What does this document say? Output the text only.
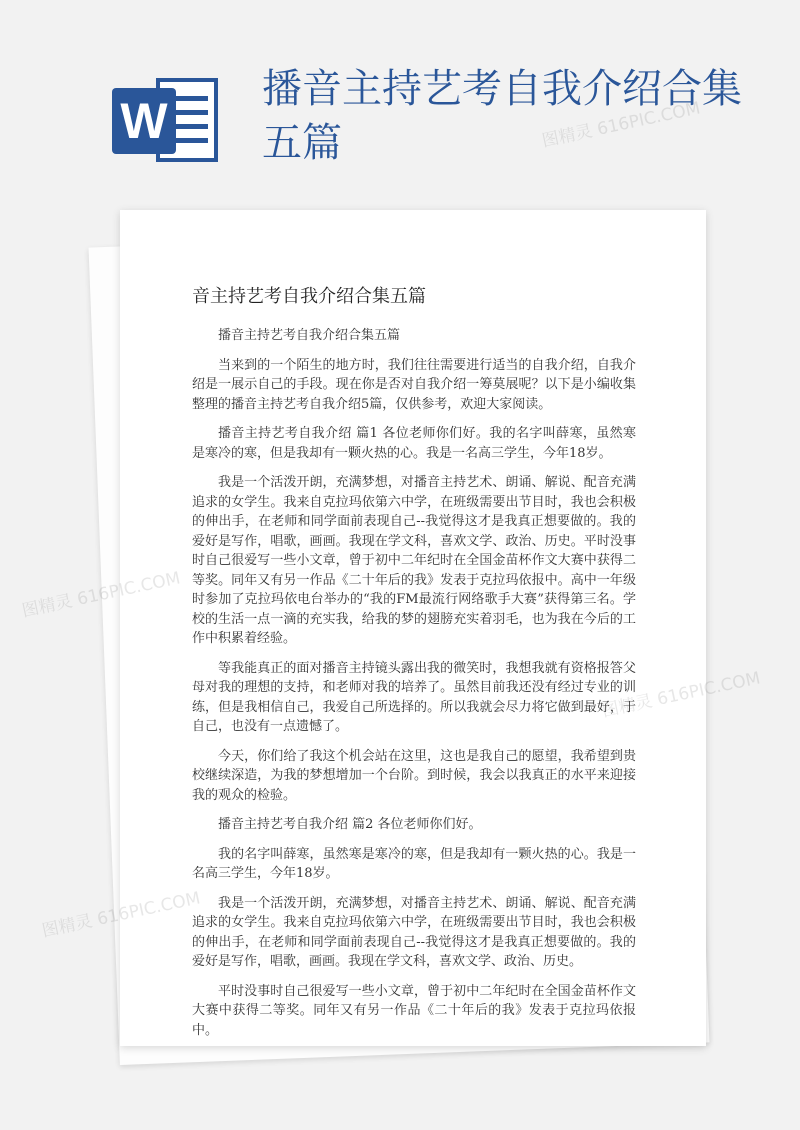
W
播音主持艺考自我介绍合集五篇
音主持艺考自我介绍合集五篇

播音主持艺考自我介绍合集五篇

当来到的一个陌生的地方时，我们往往需要进行适当的自我介绍，自我介绍是一展示自己的手段。现在你是否对自我介绍一筹莫展呢？以下是小编收集整理的播音主持艺考自我介绍5篇，仅供参考，欢迎大家阅读。

播音主持艺考自我介绍 篇1 各位老师你们好。我的名字叫薛寒，虽然寒是寒冷的寒，但是我却有一颗火热的心。我是一名高三学生，今年18岁。

我是一个活泼开朗，充满梦想，对播音主持艺术、朗诵、解说、配音充满追求的女学生。我来自克拉玛依第六中学，在班级需要出节目时，我也会积极的伸出手，在老师和同学面前表现自己--我觉得这才是我真正想要做的。我的爱好是写作，唱歌，画画。我现在学文科，喜欢文学、政治、历史。平时没事时自己很爱写一些小文章，曾于初中二年纪时在全国金苗杯作文大赛中获得二等奖。同年又有另一作品《二十年后的我》发表于克拉玛依报中。高中一年级时参加了克拉玛依电台举办的“我的FM最流行网络歌手大赛”获得第三名。学校的生活一点一滴的充实我，给我的梦的翅膀充实着羽毛，也为我在今后的工作中积累着经验。

等我能真正的面对播音主持镜头露出我的微笑时，我想我就有资格报答父母对我的理想的支持，和老师对我的培养了。虽然目前我还没有经过专业的训练，但是我相信自己，我爱自己所选择的。所以我就会尽力将它做到最好，于自己，也没有一点遗憾了。

今天，你们给了我这个机会站在这里，这也是我自己的愿望，我希望到贵校继续深造，为我的梦想增加一个台阶。到时候，我会以我真正的水平来迎接我的观众的检验。

播音主持艺考自我介绍 篇2 各位老师你们好。

我的名字叫薛寒，虽然寒是寒冷的寒，但是我却有一颗火热的心。我是一名高三学生，今年18岁。

我是一个活泼开朗，充满梦想，对播音主持艺术、朗诵、解说、配音充满追求的女学生。我来自克拉玛依第六中学，在班级需要出节目时，我也会积极的伸出手，在老师和同学面前表现自己--我觉得这才是我真正想要做的。我的爱好是写作，唱歌，画画。我现在学文科，喜欢文学、政治、历史。

平时没事时自己很爱写一些小文章，曾于初中二年纪时在全国金苗杯作文大赛中获得二等奖。同年又有另一作品《二十年后的我》发表于克拉玛依报中。

图精灵 616PIC.COM
图精灵
616PIC.COM
图精灵
